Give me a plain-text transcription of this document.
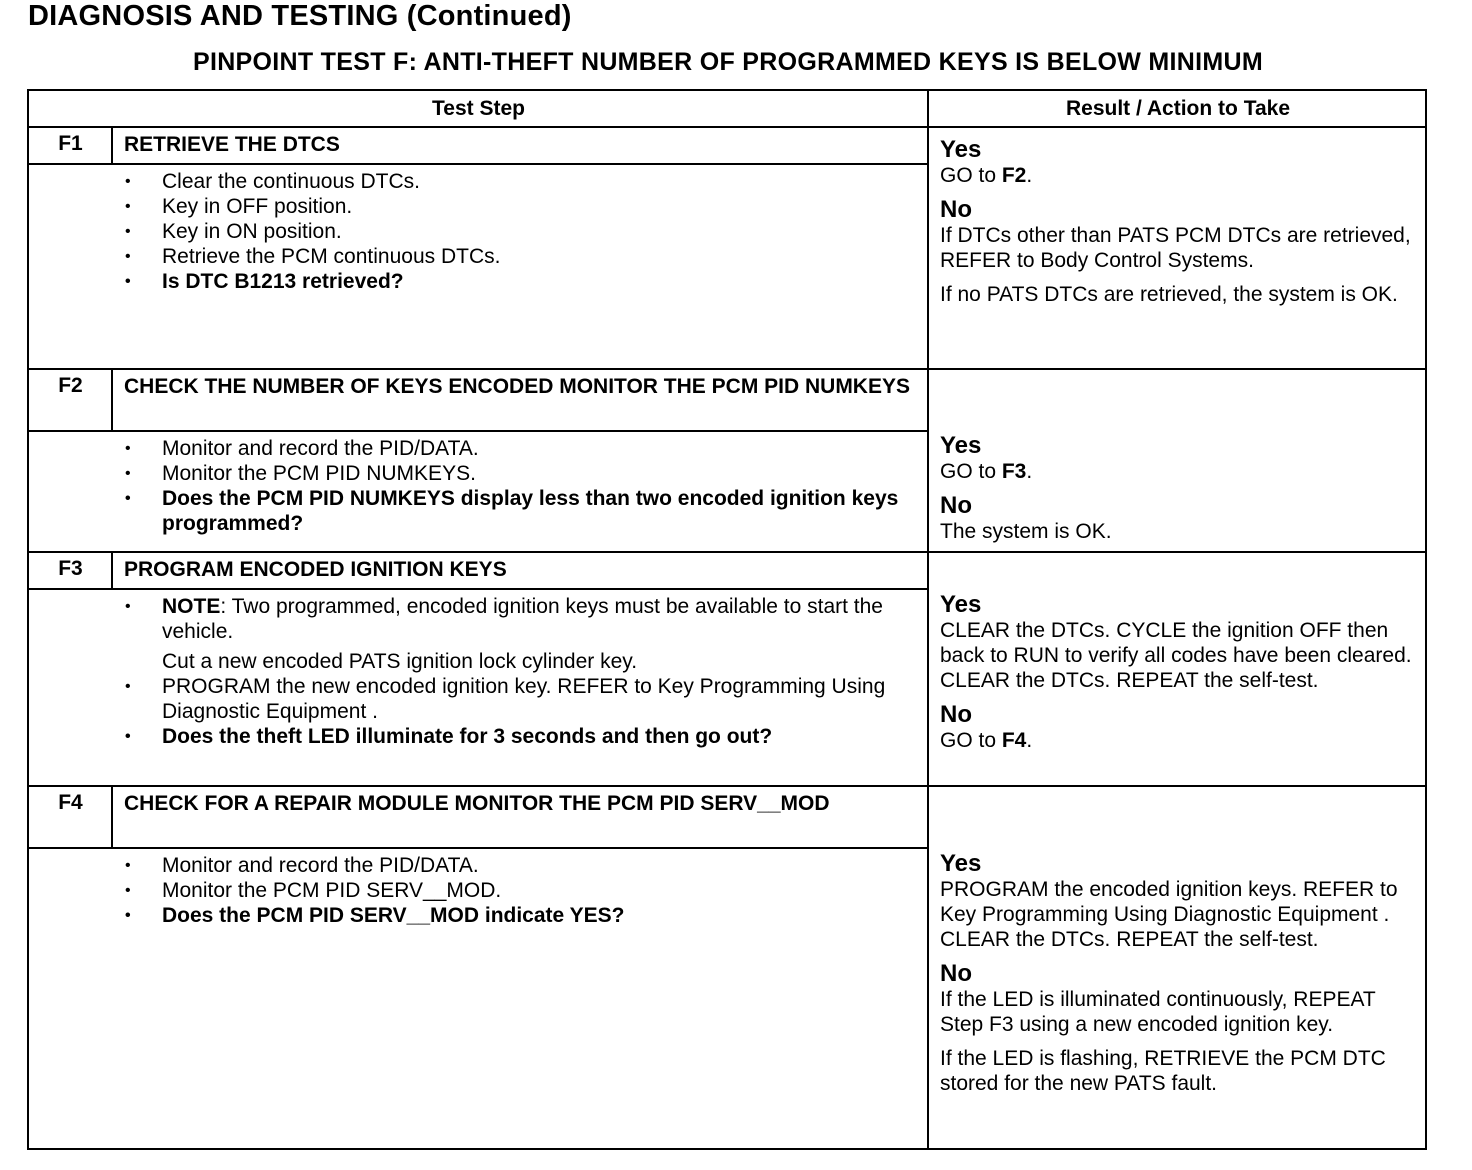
DIAGNOSIS AND TESTING (Continued)
PINPOINT TEST F: ANTI-THEFT NUMBER OF PROGRAMMED KEYS IS BELOW MINIMUM
Test Step	Result / Action to Take
F1	RETRIEVE THE DTCS
• Clear the continuous DTCs.
• Key in OFF position.
• Key in ON position.
• Retrieve the PCM continuous DTCs.
• Is DTC B1213 retrieved?
Yes
GO to F2.
No
If DTCs other than PATS PCM DTCs are retrieved, REFER to Body Control Systems.
If no PATS DTCs are retrieved, the system is OK.
F2	CHECK THE NUMBER OF KEYS ENCODED MONITOR THE PCM PID NUMKEYS
• Monitor and record the PID/DATA.
• Monitor the PCM PID NUMKEYS.
• Does the PCM PID NUMKEYS display less than two encoded ignition keys programmed?
Yes
GO to F3.
No
The system is OK.
F3	PROGRAM ENCODED IGNITION KEYS
• NOTE: Two programmed, encoded ignition keys must be available to start the vehicle.
Cut a new encoded PATS ignition lock cylinder key.
• PROGRAM the new encoded ignition key. REFER to Key Programming Using Diagnostic Equipment .
• Does the theft LED illuminate for 3 seconds and then go out?
Yes
CLEAR the DTCs. CYCLE the ignition OFF then back to RUN to verify all codes have been cleared. CLEAR the DTCs. REPEAT the self-test.
No
GO to F4.
F4	CHECK FOR A REPAIR MODULE MONITOR THE PCM PID SERV__MOD
• Monitor and record the PID/DATA.
• Monitor the PCM PID SERV__MOD.
• Does the PCM PID SERV__MOD indicate YES?
Yes
PROGRAM the encoded ignition keys. REFER to Key Programming Using Diagnostic Equipment . CLEAR the DTCs. REPEAT the self-test.
No
If the LED is illuminated continuously, REPEAT Step F3 using a new encoded ignition key.
If the LED is flashing, RETRIEVE the PCM DTC stored for the new PATS fault.
